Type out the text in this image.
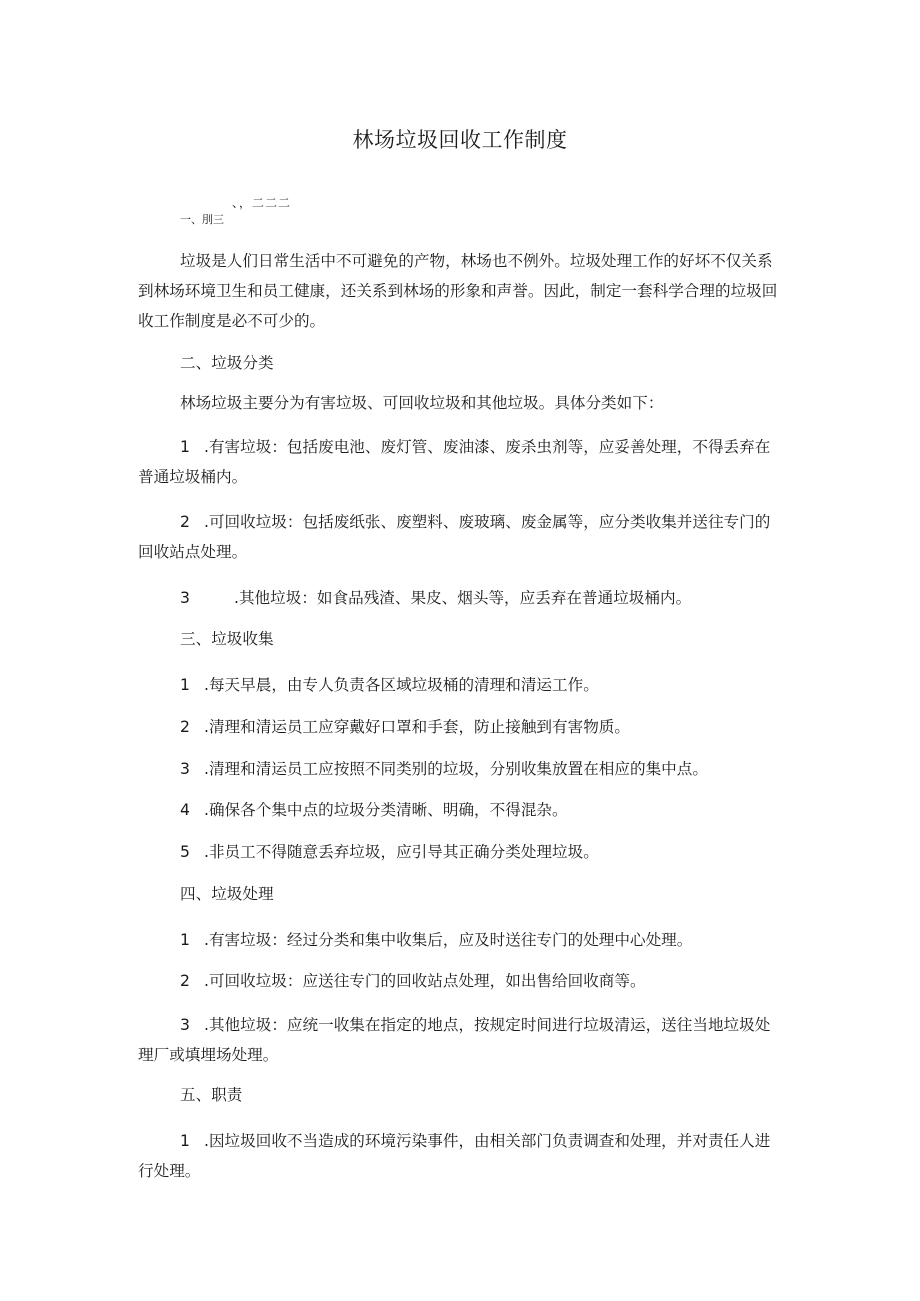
林场垃圾回收工作制度
、，二二二
一、刖三

垃圾是人们日常生活中不可避免的产物，林场也不例外。垃圾处理工作的好坏不仅关系到林场环境卫生和员工健康，还关系到林场的形象和声誉。因此，制定一套科学合理的垃圾回收工作制度是必不可少的。

二、垃圾分类

林场垃圾主要分为有害垃圾、可回收垃圾和其他垃圾。具体分类如下：

1 .有害垃圾：包括废电池、废灯管、废油漆、废杀虫剂等，应妥善处理，不得丢弃在普通垃圾桶内。

2 .可回收垃圾：包括废纸张、废塑料、废玻璃、废金属等，应分类收集并送往专门的回收站点处理。

3	.其他垃圾：如食品残渣、果皮、烟头等，应丢弃在普通垃圾桶内。

三、垃圾收集

1 .每天早晨，由专人负责各区域垃圾桶的清理和清运工作。

2 .清理和清运员工应穿戴好口罩和手套，防止接触到有害物质。

3 .清理和清运员工应按照不同类别的垃圾，分别收集放置在相应的集中点。

4 .确保各个集中点的垃圾分类清晰、明确，不得混杂。

5 .非员工不得随意丢弃垃圾，应引导其正确分类处理垃圾。

四、垃圾处理

1 .有害垃圾：经过分类和集中收集后，应及时送往专门的处理中心处理。

2 .可回收垃圾：应送往专门的回收站点处理，如出售给回收商等。

3 .其他垃圾：应统一收集在指定的地点，按规定时间进行垃圾清运，送往当地垃圾处理厂或填埋场处理。

五、职责

1 .因垃圾回收不当造成的环境污染事件，由相关部门负责调查和处理，并对责任人进行处理。
